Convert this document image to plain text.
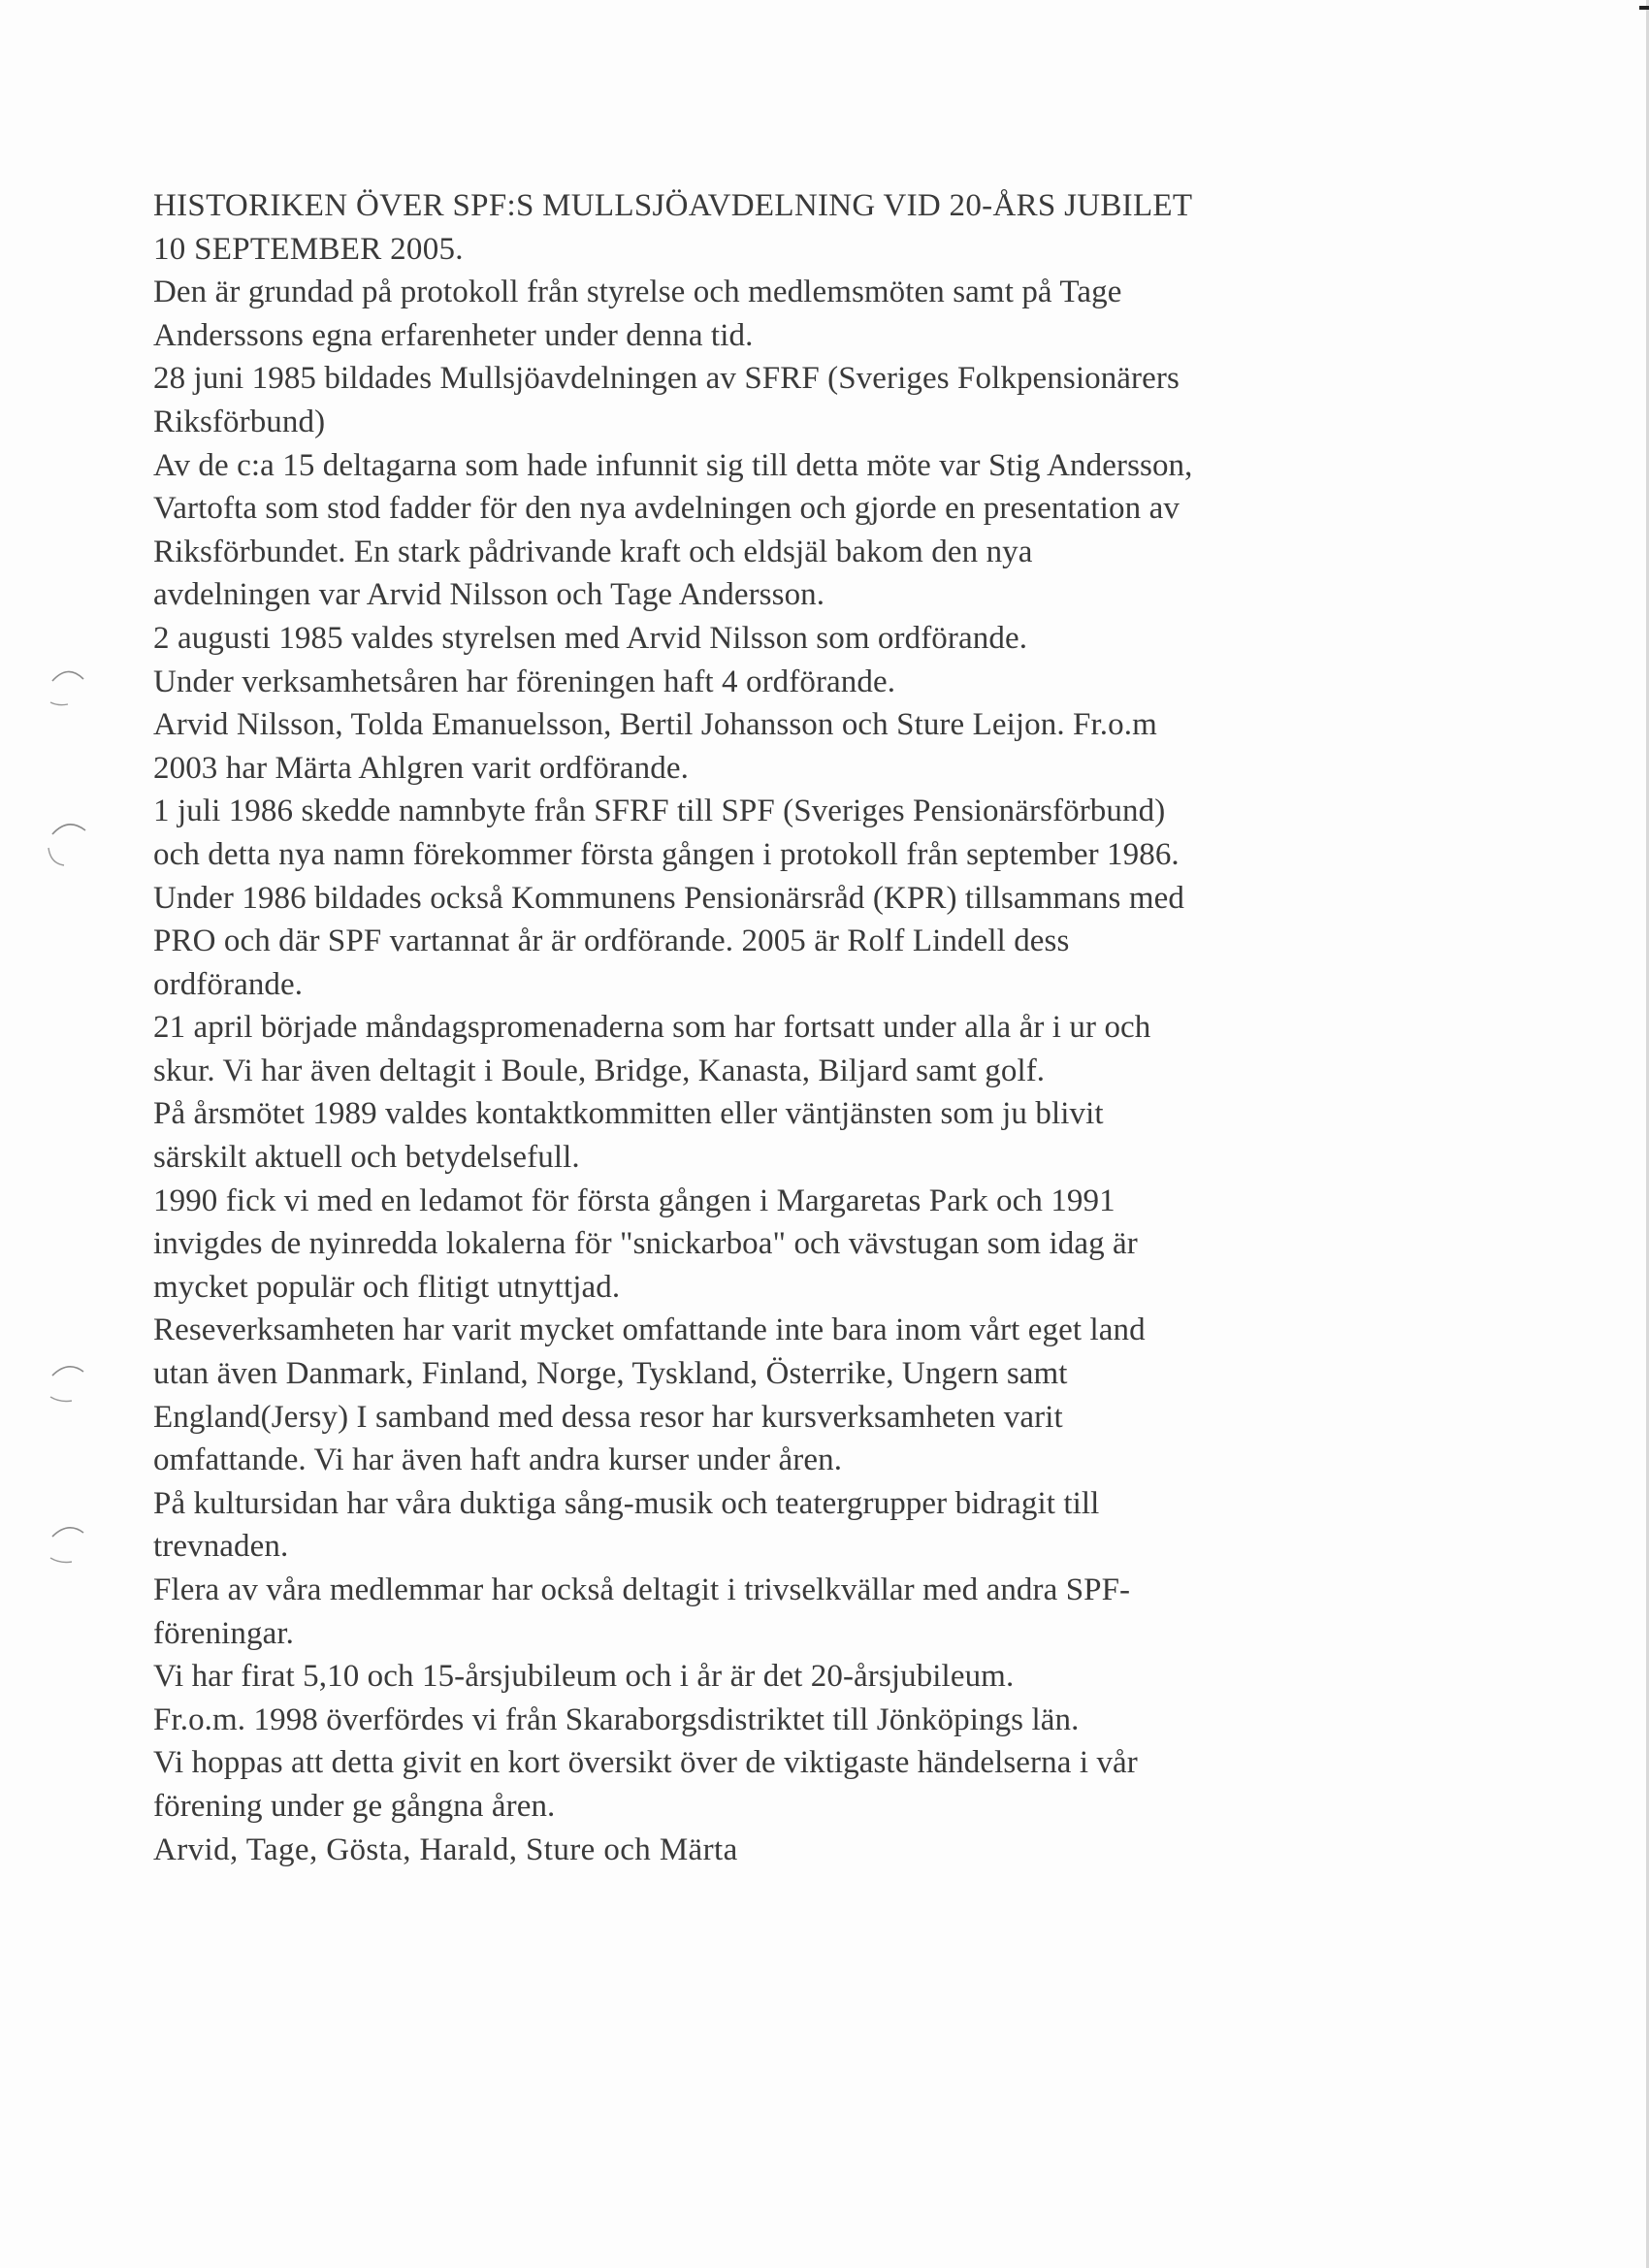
HISTORIKEN ÖVER SPF:S MULLSJÖAVDELNING VID 20-ÅRS JUBILET
10 SEPTEMBER 2005.
Den är grundad på protokoll från styrelse och medlemsmöten samt på Tage
Anderssons egna erfarenheter under denna tid.
28 juni 1985 bildades Mullsjöavdelningen av SFRF (Sveriges Folkpensionärers
Riksförbund)
Av de c:a 15 deltagarna som hade infunnit sig till detta möte var Stig Andersson,
Vartofta som stod fadder för den nya avdelningen och gjorde en presentation av
Riksförbundet. En stark pådrivande kraft och eldsjäl bakom den nya
avdelningen var Arvid Nilsson och Tage Andersson.
2 augusti 1985 valdes styrelsen med Arvid Nilsson som ordförande.
Under verksamhetsåren har föreningen haft 4 ordförande.
Arvid Nilsson, Tolda Emanuelsson, Bertil Johansson och Sture Leijon. Fr.o.m
2003 har Märta Ahlgren varit ordförande.
1 juli 1986 skedde namnbyte från SFRF till SPF (Sveriges Pensionärsförbund)
och detta nya namn förekommer första gången i protokoll från september 1986.
Under 1986 bildades också Kommunens Pensionärsråd (KPR) tillsammans med
PRO och där SPF vartannat år är ordförande. 2005 är Rolf Lindell dess
ordförande.
21 april började måndagspromenaderna som har fortsatt under alla år i ur och
skur. Vi har även deltagit i Boule, Bridge, Kanasta, Biljard samt golf.
På årsmötet 1989 valdes kontaktkommitten eller väntjänsten som ju blivit
särskilt aktuell och betydelsefull.
1990 fick vi med en ledamot för första gången i Margaretas Park och 1991
invigdes de nyinredda lokalerna för "snickarboa" och vävstugan som idag är
mycket populär och flitigt utnyttjad.
Reseverksamheten har varit mycket omfattande inte bara inom vårt eget land
utan även Danmark, Finland, Norge, Tyskland, Österrike, Ungern samt
England(Jersy) I samband med dessa resor har kursverksamheten varit
omfattande. Vi har även haft andra kurser under åren.
På kultursidan har våra duktiga sång-musik och teatergrupper bidragit till
trevnaden.
Flera av våra medlemmar har också deltagit i trivselkvällar med andra SPF-
föreningar.
Vi har firat 5,10 och 15-årsjubileum och i år är det 20-årsjubileum.
Fr.o.m. 1998 överfördes vi från Skaraborgsdistriktet till Jönköpings län.
Vi hoppas att detta givit en kort översikt över de viktigaste händelserna i vår
förening under ge gångna åren.
Arvid, Tage, Gösta, Harald, Sture och Märta
